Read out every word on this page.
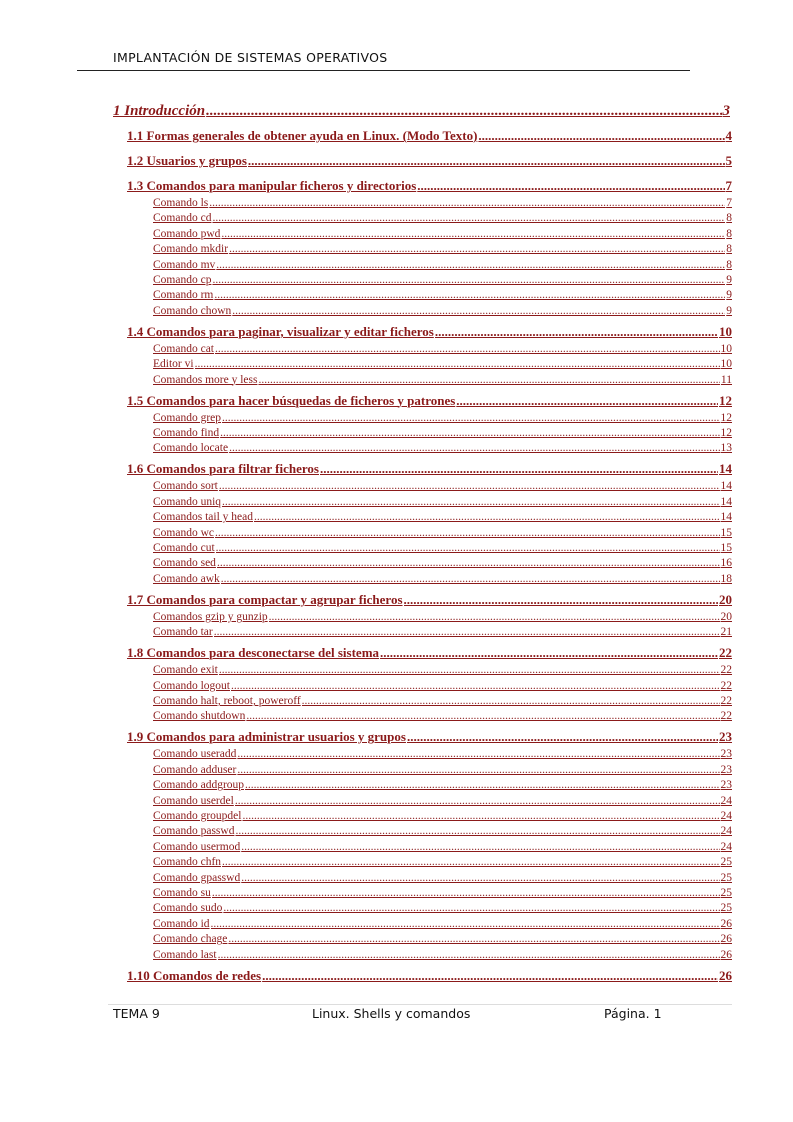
IMPLANTACIÓN DE SISTEMAS OPERATIVOS
1 Introducción .....	3
1.1 Formas generales de obtener ayuda en Linux. (Modo Texto) .....	4
1.2 Usuarios y grupos .....	5
1.3 Comandos para manipular ficheros y directorios .....	7
Comando ls .....	7
Comando cd .....	8
Comando pwd .....	8
Comando mkdir .....	8
Comando mv .....	8
Comando cp .....	9
Comando rm .....	9
Comando chown .....	9
1.4 Comandos para paginar, visualizar y editar ficheros .....	10
Comando cat .....	10
Editor vi .....	10
Comandos more y less .....	11
1.5 Comandos para hacer búsquedas de ficheros y patrones .....	12
Comando grep .....	12
Comando find .....	12
Comando locate .....	13
1.6 Comandos para filtrar ficheros .....	14
Comando sort .....	14
Comando uniq .....	14
Comandos tail y head .....	14
Comando wc .....	15
Comando cut .....	15
Comando sed .....	16
Comando awk .....	18
1.7 Comandos para compactar y agrupar ficheros .....	20
Comandos gzip y gunzip .....	20
Comando tar .....	21
1.8 Comandos para desconectarse del sistema .....	22
Comando exit .....	22
Comando logout .....	22
Comando halt, reboot, poweroff .....	22
Comando shutdown .....	22
1.9 Comandos para administrar usuarios y grupos .....	23
Comando useradd .....	23
Comando adduser .....	23
Comando addgroup .....	23
Comando userdel .....	24
Comando groupdel .....	24
Comando passwd .....	24
Comando usermod .....	24
Comando chfn .....	25
Comando gpasswd .....	25
Comando su .....	25
Comando sudo .....	25
Comando id .....	26
Comando chage .....	26
Comando last .....	26
1.10 Comandos de redes .....	26
TEMA 9	Linux. Shells y comandos	Página. 1
